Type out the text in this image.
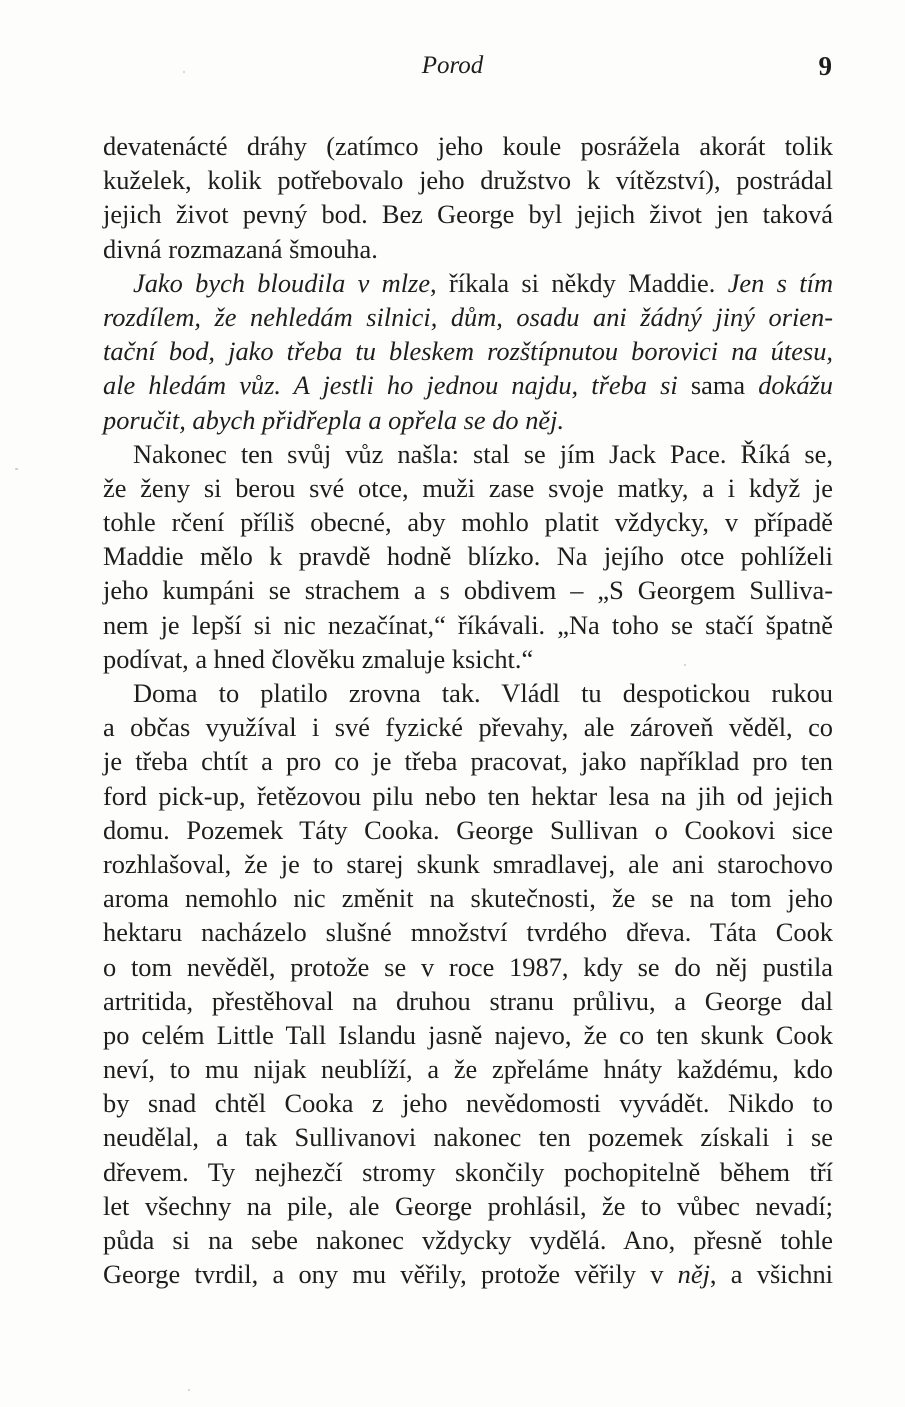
Porod	9
devatenácté dráhy (zatímco jeho koule posrážela akorát tolik
kuželek, kolik potřebovalo jeho družstvo k vítězství), postrádal
jejich život pevný bod. Bez George byl jejich život jen taková
divná rozmazaná šmouha.
Jako bych bloudila v mlze, říkala si někdy Maddie. Jen s tím
rozdílem, že nehledám silnici, dům, osadu ani žádný jiný orien-
tační bod, jako třeba tu bleskem rozštípnutou borovici na útesu,
ale hledám vůz. A jestli ho jednou najdu, třeba si sama dokážu
poručit, abych přidřepla a opřela se do něj.
Nakonec ten svůj vůz našla: stal se jím Jack Pace. Říká se,
že ženy si berou své otce, muži zase svoje matky, a i když je
tohle rčení příliš obecné, aby mohlo platit vždycky, v případě
Maddie mělo k pravdě hodně blízko. Na jejího otce pohlíželi
jeho kumpáni se strachem a s obdivem – „S Georgem Sulliva-
nem je lepší si nic nezačínat,“ říkávali. „Na toho se stačí špatně
podívat, a hned člověku zmaluje ksicht.“
Doma to platilo zrovna tak. Vládl tu despotickou rukou
a občas využíval i své fyzické převahy, ale zároveň věděl, co
je třeba chtít a pro co je třeba pracovat, jako například pro ten
ford pick-up, řetězovou pilu nebo ten hektar lesa na jih od jejich
domu. Pozemek Táty Cooka. George Sullivan o Cookovi sice
rozhlašoval, že je to starej skunk smradlavej, ale ani starochovo
aroma nemohlo nic změnit na skutečnosti, že se na tom jeho
hektaru nacházelo slušné množství tvrdého dřeva. Táta Cook
o tom nevěděl, protože se v roce 1987, kdy se do něj pustila
artritida, přestěhoval na druhou stranu průlivu, a George dal
po celém Little Tall Islandu jasně najevo, že co ten skunk Cook
neví, to mu nijak neublíží, a že zpřeláme hnáty každému, kdo
by snad chtěl Cooka z jeho nevědomosti vyvádět. Nikdo to
neudělal, a tak Sullivanovi nakonec ten pozemek získali i se
dřevem. Ty nejhezčí stromy skončily pochopitelně během tří
let všechny na pile, ale George prohlásil, že to vůbec nevadí;
půda si na sebe nakonec vždycky vydělá. Ano, přesně tohle
George tvrdil, a ony mu věřily, protože věřily v něj, a všichni
